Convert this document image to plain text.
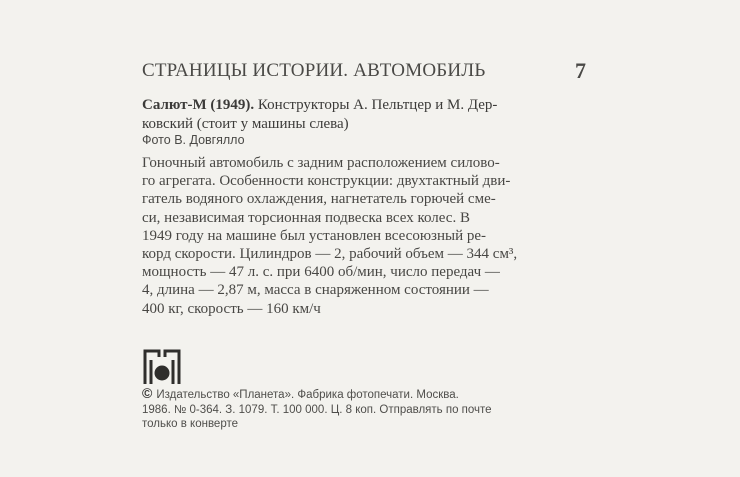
СТРАНИЦЫ ИСТОРИИ. АВТОМОБИЛЬ	7
Салют-М (1949). Конструкторы А. Пельтцер и М. Дер-
ковский (стоит у машины слева)
Фото В. Довгялло
Гоночный автомобиль с задним расположением силово-
го агрегата. Особенности конструкции: двухтактный дви-
гатель водяного охлаждения, нагнетатель горючей сме-
си, независимая торсионная подвеска всех колес. В
1949 году на машине был установлен всесоюзный ре-
корд скорости. Цилиндров — 2, рабочий объем — 344 см³,
мощность — 47 л. с. при 6400 об/мин, число передач —
4, длина — 2,87 м, масса в снаряженном состоянии —
400 кг, скорость — 160 км/ч
© Издательство «Планета». Фабрика фотопечати. Москва.
1986. № 0-364. З. 1079. Т. 100 000. Ц. 8 коп. Отправлять по почте
только в конверте
